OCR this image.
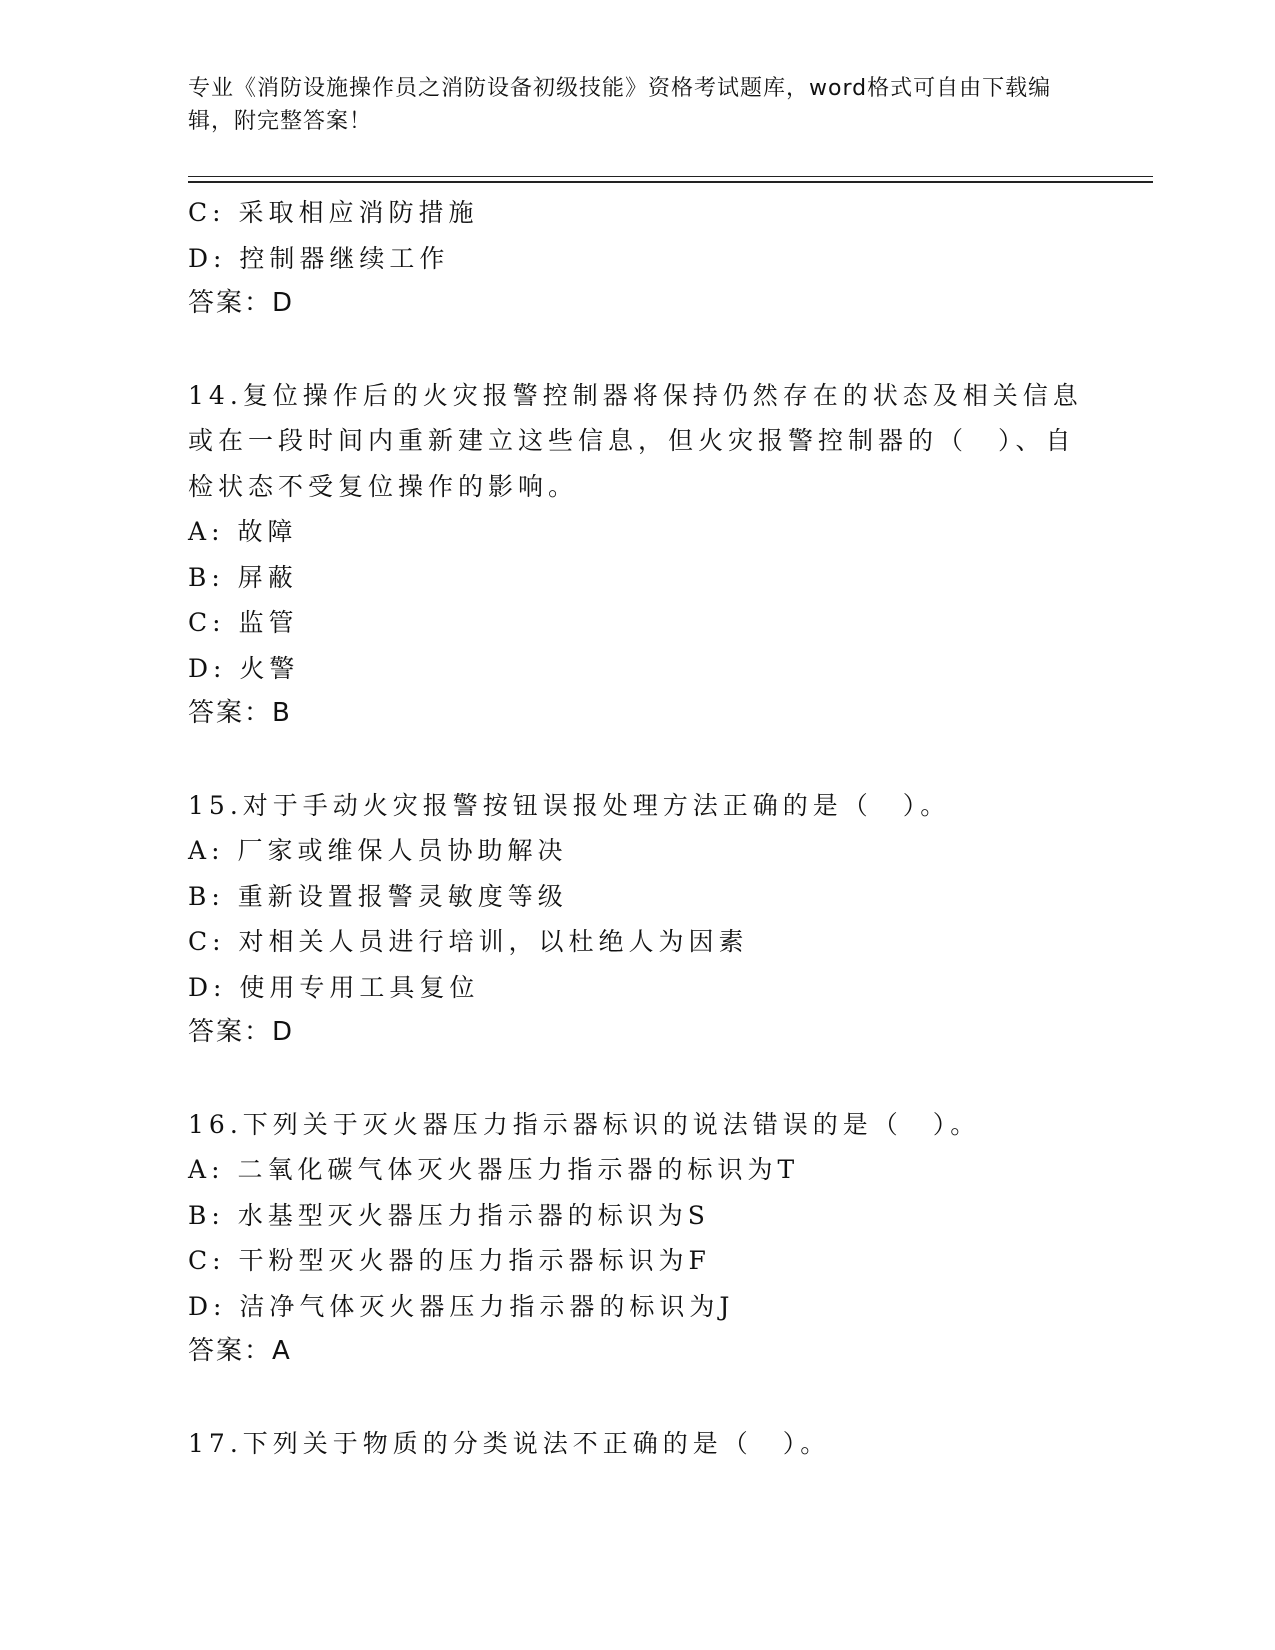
专业《消防设施操作员之消防设备初级技能》资格考试题库，word格式可自由下载编辑，附完整答案！
C: 采取相应消防措施
D: 控制器继续工作
答案：D
14.复位操作后的火灾报警控制器将保持仍然存在的状态及相关信息或在一段时间内重新建立这些信息，但火灾报警控制器的（　）、自检状态不受复位操作的影响。
A: 故障
B: 屏蔽
C: 监管
D: 火警
答案：B
15.对于手动火灾报警按钮误报处理方法正确的是（　）。
A: 厂家或维保人员协助解决
B: 重新设置报警灵敏度等级
C: 对相关人员进行培训，以杜绝人为因素
D: 使用专用工具复位
答案：D
16.下列关于灭火器压力指示器标识的说法错误的是（　）。
A: 二氧化碳气体灭火器压力指示器的标识为T
B: 水基型灭火器压力指示器的标识为S
C: 干粉型灭火器的压力指示器标识为F
D: 洁净气体灭火器压力指示器的标识为J
答案：A
17.下列关于物质的分类说法不正确的是（　）。
